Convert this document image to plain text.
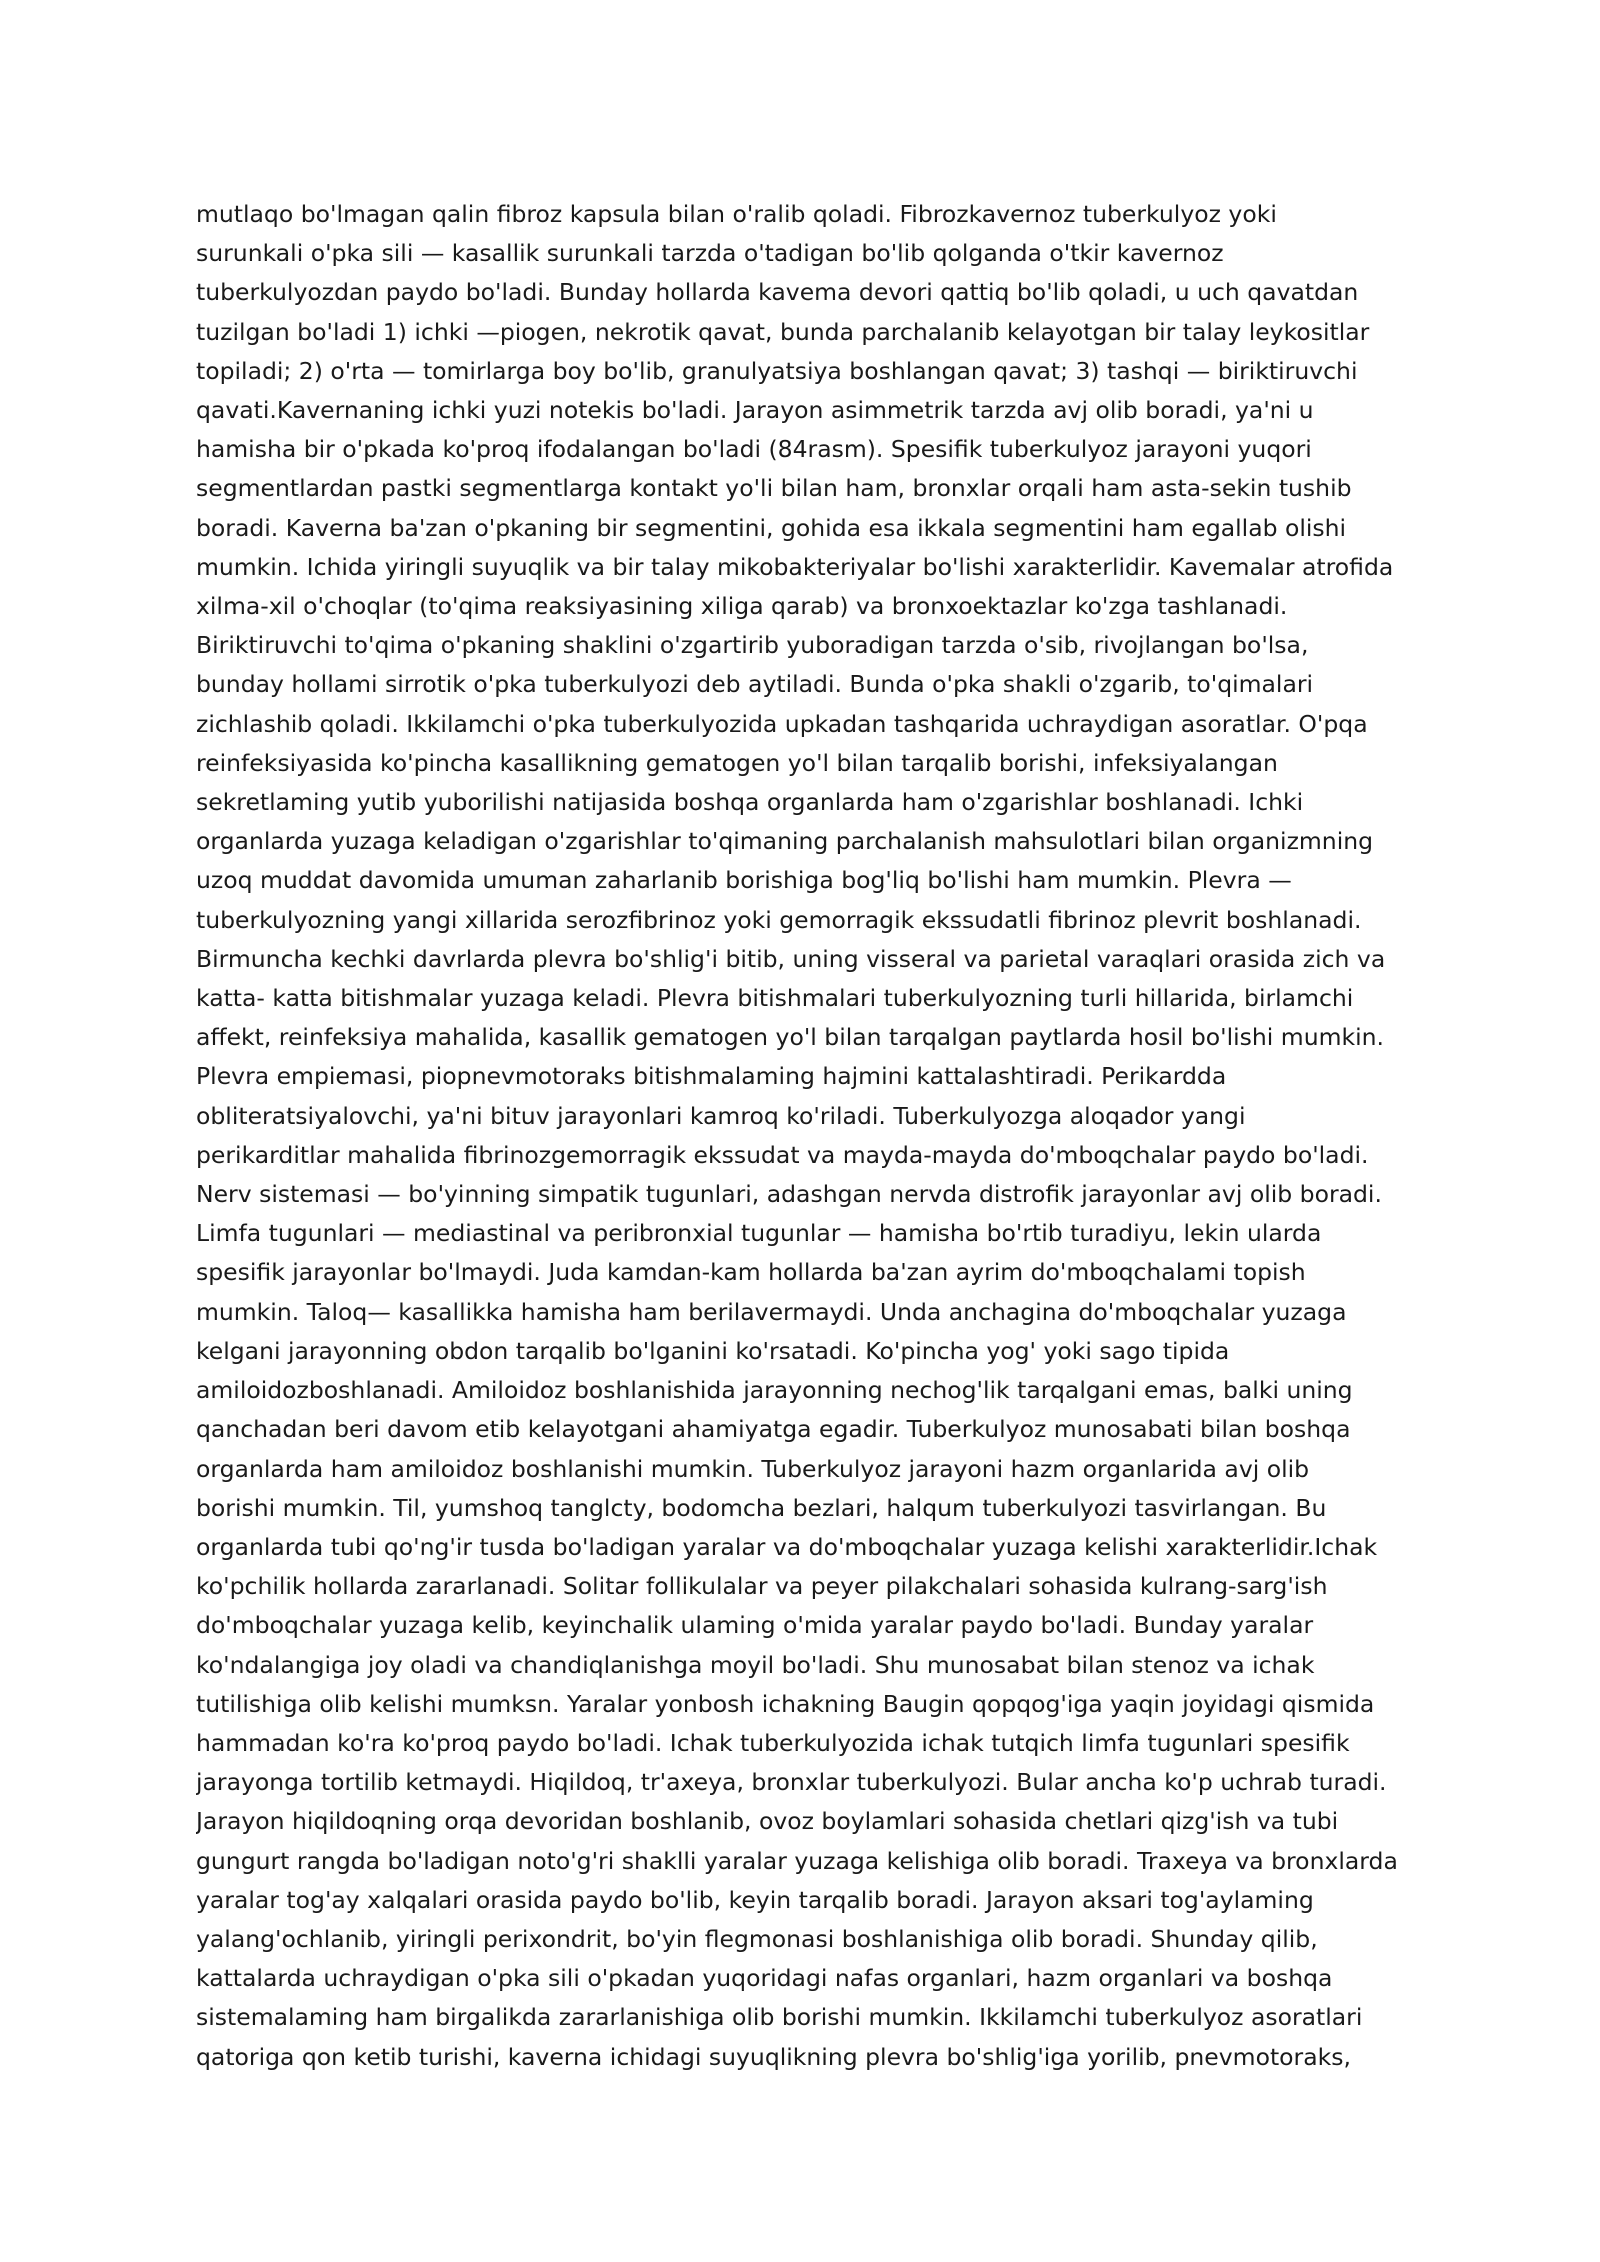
mutlaqo bo'lmagan qalin fibroz kapsula bilan o'ralib qoladi. Fibrozkavernoz tuberkulyoz yoki
surunkali o'pka sili — kasallik surunkali tarzda o'tadigan bo'lib qolganda o'tkir kavernoz
tuberkulyozdan paydo bo'ladi. Bunday hollarda kavema devori qattiq bo'lib qoladi, u uch qavatdan
tuzilgan bo'ladi 1) ichki —piogen, nekrotik qavat, bunda parchalanib kelayotgan bir talay leykositlar
topiladi; 2) o'rta — tomirlarga boy bo'lib, granulyatsiya boshlangan qavat; 3) tashqi — biriktiruvchi
qavati.Kavernaning ichki yuzi notekis bo'ladi. Jarayon asimmetrik tarzda avj olib boradi, ya'ni u
hamisha bir o'pkada ko'proq ifodalangan bo'ladi (84rasm). Spesifik tuberkulyoz jarayoni yuqori
segmentlardan pastki segmentlarga kontakt yo'li bilan ham, bronxlar orqali ham asta-sekin tushib
boradi. Kaverna ba'zan o'pkaning bir segmentini, gohida esa ikkala segmentini ham egallab olishi
mumkin. Ichida yiringli suyuqlik va bir talay mikobakteriyalar bo'lishi xarakterlidir. Kavemalar atrofida
xilma-xil o'choqlar (to'qima reaksiyasining xiliga qarab) va bronxoektazlar ko'zga tashlanadi.
Biriktiruvchi to'qima o'pkaning shaklini o'zgartirib yuboradigan tarzda o'sib, rivojlangan bo'lsa,
bunday hollami sirrotik o'pka tuberkulyozi deb aytiladi. Bunda o'pka shakli o'zgarib, to'qimalari
zichlashib qoladi. Ikkilamchi o'pka tuberkulyozida upkadan tashqarida uchraydigan asoratlar. O'pqa
reinfeksiyasida ko'pincha kasallikning gematogen yo'l bilan tarqalib borishi, infeksiyalangan
sekretlaming yutib yuborilishi natijasida boshqa organlarda ham o'zgarishlar boshlanadi. Ichki
organlarda yuzaga keladigan o'zgarishlar to'qimaning parchalanish mahsulotlari bilan organizmning
uzoq muddat davomida umuman zaharlanib borishiga bog'liq bo'lishi ham mumkin. Plevra —
tuberkulyozning yangi xillarida serozfibrinoz yoki gemorragik ekssudatli fibrinoz plevrit boshlanadi.
Birmuncha kechki davrlarda plevra bo'shlig'i bitib, uning visseral va parietal varaqlari orasida zich va
katta- katta bitishmalar yuzaga keladi. Plevra bitishmalari tuberkulyozning turli hillarida, birlamchi
affekt, reinfeksiya mahalida, kasallik gematogen yo'l bilan tarqalgan paytlarda hosil bo'lishi mumkin.
Plevra empiemasi, piopnevmotoraks bitishmalaming hajmini kattalashtiradi. Perikardda
obliteratsiyalovchi, ya'ni bituv jarayonlari kamroq ko'riladi. Tuberkulyozga aloqador yangi
perikarditlar mahalida fibrinozgemorragik ekssudat va mayda-mayda do'mboqchalar paydo bo'ladi.
Nerv sistemasi — bo'yinning simpatik tugunlari, adashgan nervda distrofik jarayonlar avj olib boradi.
Limfa tugunlari — mediastinal va peribronxial tugunlar — hamisha bo'rtib turadiyu, lekin ularda
spesifik jarayonlar bo'lmaydi. Juda kamdan-kam hollarda ba'zan ayrim do'mboqchalami topish
mumkin. Taloq— kasallikka hamisha ham berilavermaydi. Unda anchagina do'mboqchalar yuzaga
kelgani jarayonning obdon tarqalib bo'lganini ko'rsatadi. Ko'pincha yog' yoki sago tipida
amiloidozboshlanadi. Amiloidoz boshlanishida jarayonning nechog'lik tarqalgani emas, balki uning
qanchadan beri davom etib kelayotgani ahamiyatga egadir. Tuberkulyoz munosabati bilan boshqa
organlarda ham amiloidoz boshlanishi mumkin. Tuberkulyoz jarayoni hazm organlarida avj olib
borishi mumkin. Til, yumshoq tanglcty, bodomcha bezlari, halqum tuberkulyozi tasvirlangan. Bu
organlarda tubi qo'ng'ir tusda bo'ladigan yaralar va do'mboqchalar yuzaga kelishi xarakterlidir.Ichak
ko'pchilik hollarda zararlanadi. Solitar follikulalar va peyer pilakchalari sohasida kulrang-sarg'ish
do'mboqchalar yuzaga kelib, keyinchalik ulaming o'mida yaralar paydo bo'ladi. Bunday yaralar
ko'ndalangiga joy oladi va chandiqlanishga moyil bo'ladi. Shu munosabat bilan stenoz va ichak
tutilishiga olib kelishi mumksn. Yaralar yonbosh ichakning Baugin qopqog'iga yaqin joyidagi qismida
hammadan ko'ra ko'proq paydo bo'ladi. Ichak tuberkulyozida ichak tutqich limfa tugunlari spesifik
jarayonga tortilib ketmaydi. Hiqildoq, tr'axeya, bronxlar tuberkulyozi. Bular ancha ko'p uchrab turadi.
Jarayon hiqildoqning orqa devoridan boshlanib, ovoz boylamlari sohasida chetlari qizg'ish va tubi
gungurt rangda bo'ladigan noto'g'ri shaklli yaralar yuzaga kelishiga olib boradi. Traxeya va bronxlarda
yaralar tog'ay xalqalari orasida paydo bo'lib, keyin tarqalib boradi. Jarayon aksari tog'aylaming
yalang'ochlanib, yiringli perixondrit, bo'yin flegmonasi boshlanishiga olib boradi. Shunday qilib,
kattalarda uchraydigan o'pka sili o'pkadan yuqoridagi nafas organlari, hazm organlari va boshqa
sistemalaming ham birgalikda zararlanishiga olib borishi mumkin. Ikkilamchi tuberkulyoz asoratlari
qatoriga qon ketib turishi, kaverna ichidagi suyuqlikning plevra bo'shlig'iga yorilib, pnevmotoraks,
